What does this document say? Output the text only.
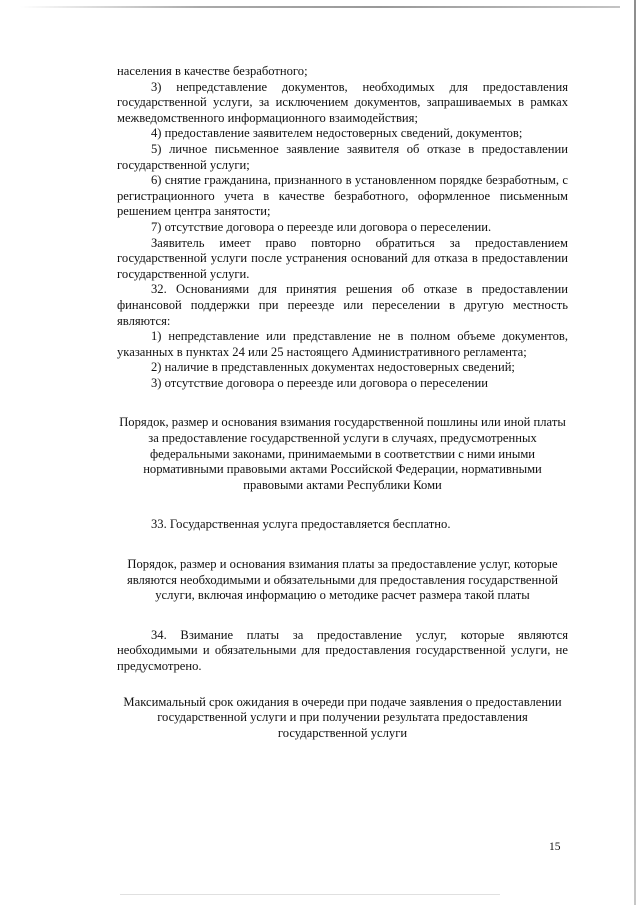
населения в качестве безработного;

3) непредставление документов, необходимых для предоставления государственной услуги, за исключением документов, запрашиваемых в рамках межведомственного информационного взаимодействия;

4) предоставление заявителем недостоверных сведений, документов;

5) личное письменное заявление заявителя об отказе в предоставлении государственной услуги;

6) снятие гражданина, признанного в установленном порядке безработным, с регистрационного учета в качестве безработного, оформленное письменным решением центра занятости;

7) отсутствие договора о переезде или договора о переселении.

Заявитель имеет право повторно обратиться за предоставлением государственной услуги после устранения оснований для отказа в предоставлении государственной услуги.

32. Основаниями для принятия решения об отказе в предоставлении финансовой поддержки при переезде или переселении в другую местность являются:

1) непредставление или представление не в полном объеме документов, указанных в пунктах 24 или 25 настоящего Административного регламента;

2) наличие в представленных документах недостоверных сведений;

3) отсутствие договора о переезде или договора о переселении

Порядок, размер и основания взимания государственной пошлины или иной платы за предоставление государственной услуги в случаях, предусмотренных федеральными законами, принимаемыми в соответствии с ними иными нормативными правовыми актами Российской Федерации, нормативными правовыми актами Республики Коми

33. Государственная услуга предоставляется бесплатно.

Порядок, размер и основания взимания платы за предоставление услуг, которые являются необходимыми и обязательными для предоставления государственной услуги, включая информацию о методике расчет размера такой платы

34. Взимание платы за предоставление услуг, которые являются необходимыми и обязательными для предоставления государственной услуги, не предусмотрено.

Максимальный срок ожидания в очереди при подаче заявления о предоставлении государственной услуги и при получении результата предоставления государственной услуги

15
